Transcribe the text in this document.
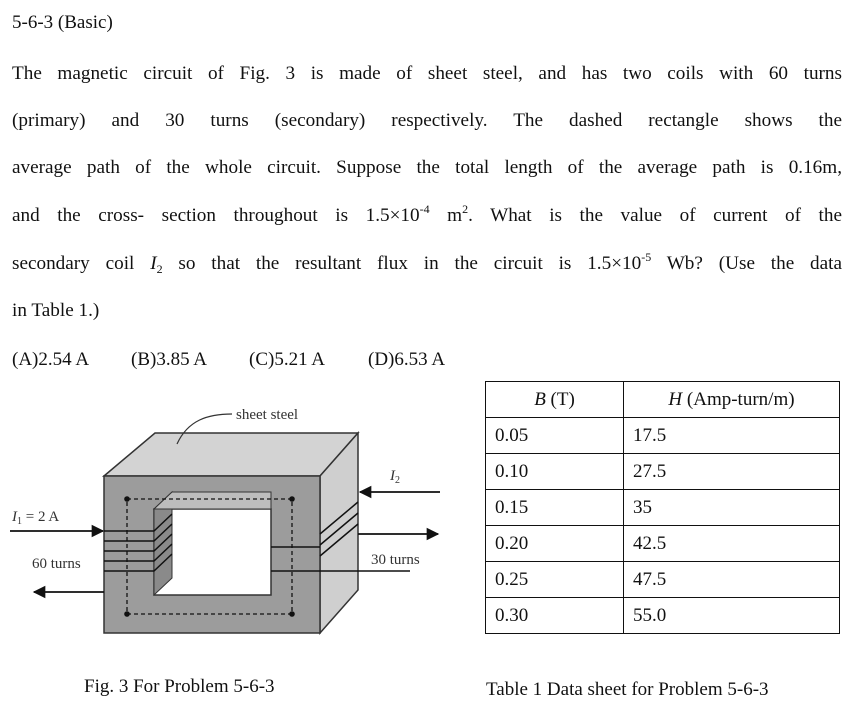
5-6-3 (Basic)
The magnetic circuit of Fig. 3 is made of sheet steel, and has two coils with 60 turns
(primary) and 30 turns (secondary) respectively. The dashed rectangle shows the
average path of the whole circuit. Suppose the total length of the average path is 0.16m,
and the cross- section throughout is $1.5\times 10^{-4}$ $m^2$. What is the value of current of the
secondary coil $I_2$ so that the resultant flux in the circuit is $1.5\times 10^{-5}$ Wb? (Use the data
in Table 1.)
(A)2.54 A (B)3.85 A (C)5.21 A (D)6.53 A
sheet steel
$I_1 = 2$ A
60 turns
$I_2$
30 turns
Fig. 3 For Problem 5-6-3
B (T)	H (Amp-turn/m)
0.05	17.5
0.10	27.5
0.15	35
0.20	42.5
0.25	47.5
0.30	55.0
Table 1 Data sheet for Problem 5-6-3
